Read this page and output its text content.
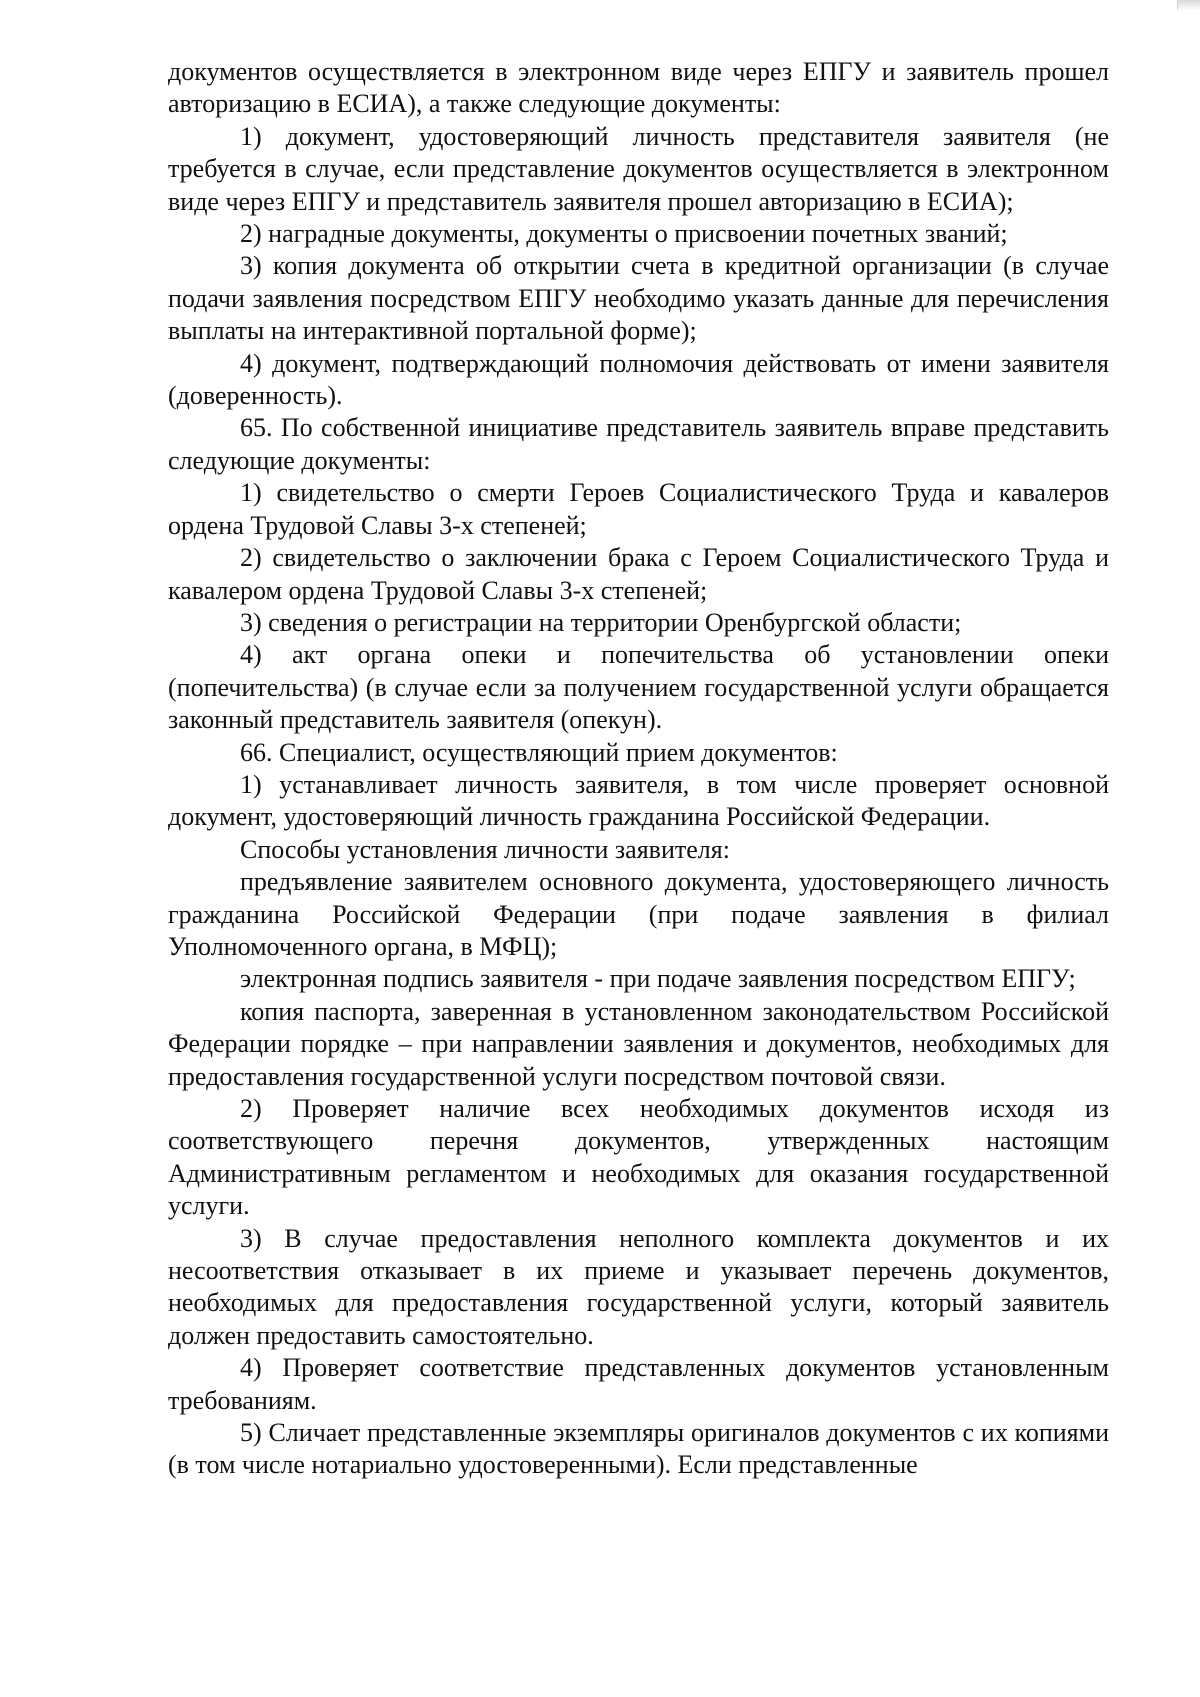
документов осуществляется в электронном виде через ЕПГУ и заявитель прошел авторизацию в ЕСИА), а также следующие документы:

1) документ, удостоверяющий личность представителя заявителя (не требуется в случае, если представление документов осуществляется в электронном виде через ЕПГУ и представитель заявителя прошел авторизацию в ЕСИА);

2) наградные документы, документы о присвоении почетных званий;

3) копия документа об открытии счета в кредитной организации (в случае подачи заявления посредством ЕПГУ необходимо указать данные для перечисления выплаты на интерактивной портальной форме);

4) документ, подтверждающий полномочия действовать от имени заявителя (доверенность).

65. По собственной инициативе представитель заявитель вправе представить следующие документы:

1) свидетельство о смерти Героев Социалистического Труда и кавалеров ордена Трудовой Славы 3-х степеней;

2) свидетельство о заключении брака с Героем Социалистического Труда и кавалером ордена Трудовой Славы 3-х степеней;

3) сведения о регистрации на территории Оренбургской области;

4) акт органа опеки и попечительства об установлении опеки (попечительства) (в случае если за получением государственной услуги обращается законный представитель заявителя (опекун).

66. Специалист, осуществляющий прием документов:

1) устанавливает личность заявителя, в том числе проверяет основной документ, удостоверяющий личность гражданина Российской Федерации.

Способы установления личности заявителя:

предъявление заявителем основного документа, удостоверяющего личность гражданина Российской Федерации (при подаче заявления в филиал Уполномоченного органа, в МФЦ);

электронная подпись заявителя - при подаче заявления посредством ЕПГУ;

копия паспорта, заверенная в установленном законодательством Российской Федерации порядке – при направлении заявления и документов, необходимых для предоставления государственной услуги посредством почтовой связи.

2) Проверяет наличие всех необходимых документов исходя из соответствующего перечня документов, утвержденных настоящим Административным регламентом и необходимых для оказания государственной услуги.

3) В случае предоставления неполного комплекта документов и их несоответствия отказывает в их приеме и указывает перечень документов, необходимых для предоставления государственной услуги, который заявитель должен предоставить самостоятельно.

4) Проверяет соответствие представленных документов установленным требованиям.

5) Сличает представленные экземпляры оригиналов документов с их копиями (в том числе нотариально удостоверенными). Если представленные
